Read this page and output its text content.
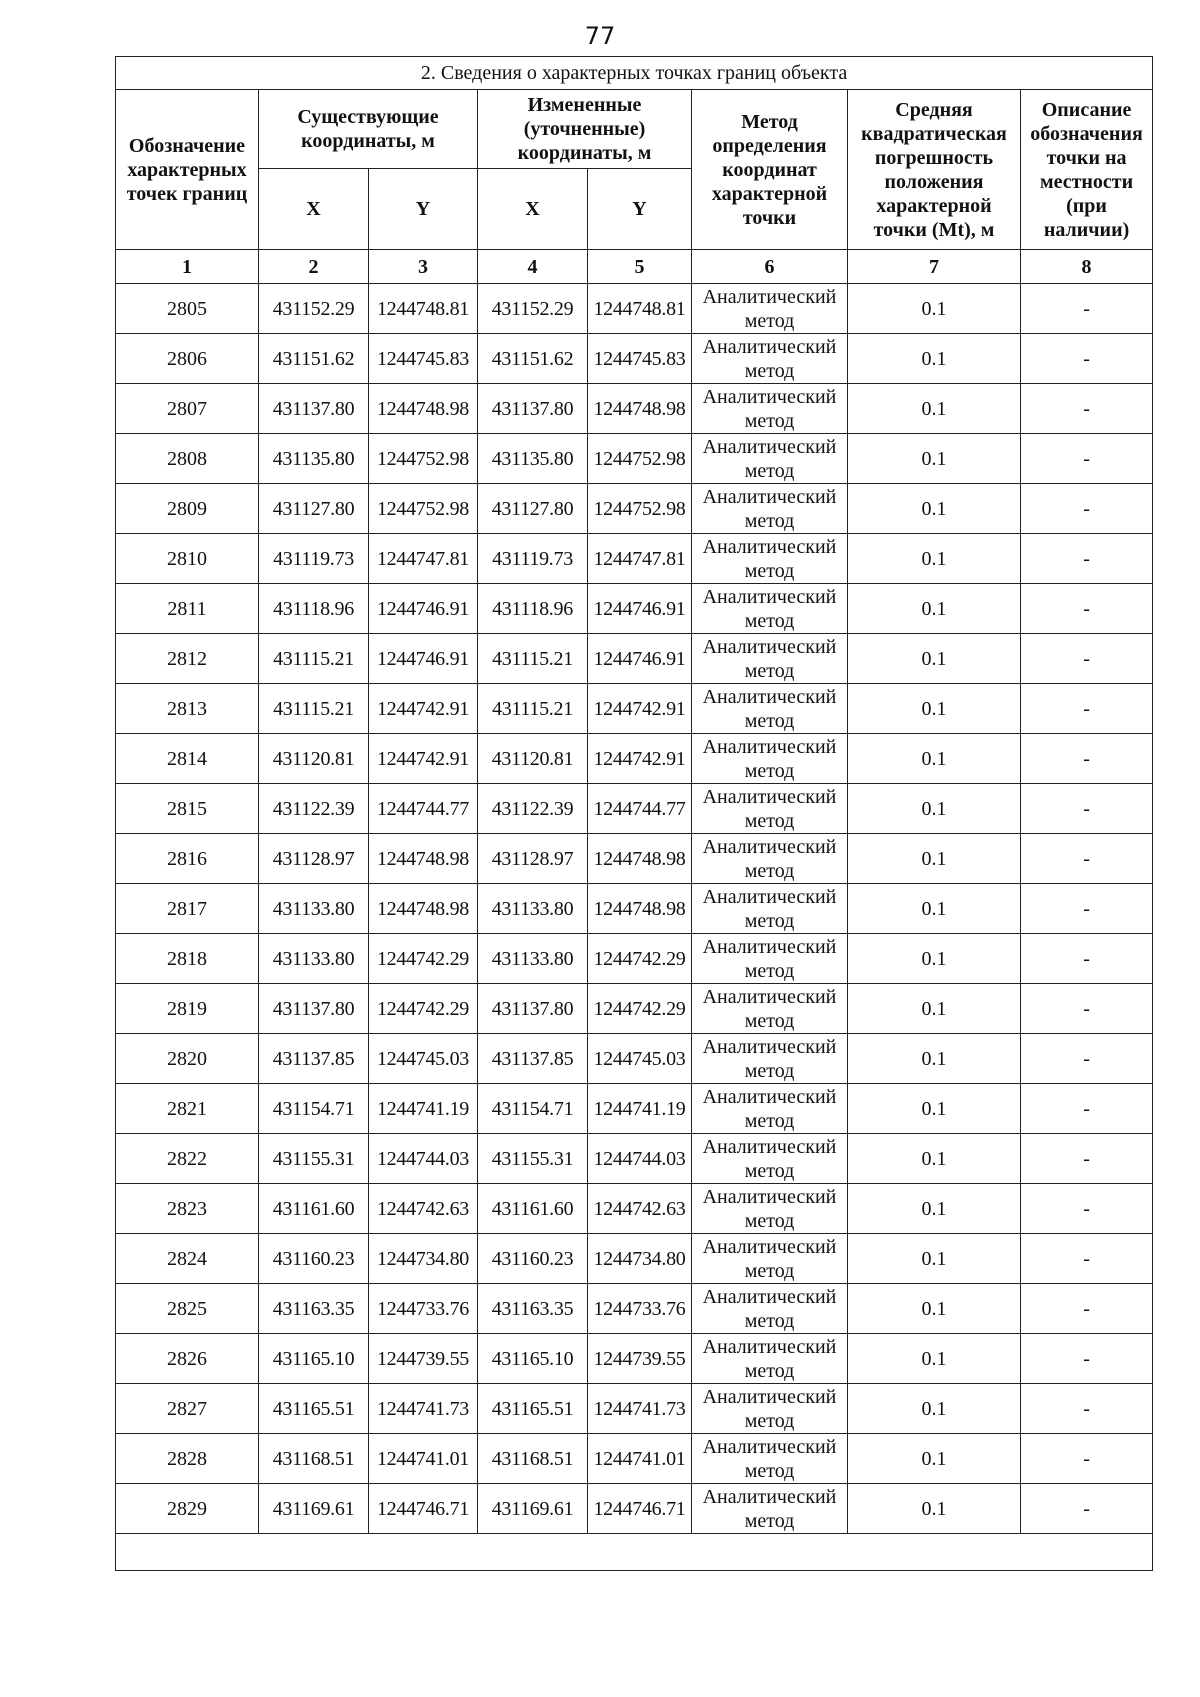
77
2. Сведения о характерных точках границ объекта							
Обозначение характерных точек границ	Существующие координаты, м		Измененные (уточненные) координаты, м		Метод определения координат характерной точки	Средняя квадратическая погрешность положения характерной точки (Mt), м	Описание обозначения точки на местности (при наличии)
	X	Y	X	Y			
1	2	3	4	5	6	7	8
2805	431152.29	1244748.81	431152.29	1244748.81	Аналитический метод	0.1	-
2806	431151.62	1244745.83	431151.62	1244745.83	Аналитический метод	0.1	-
2807	431137.80	1244748.98	431137.80	1244748.98	Аналитический метод	0.1	-
2808	431135.80	1244752.98	431135.80	1244752.98	Аналитический метод	0.1	-
2809	431127.80	1244752.98	431127.80	1244752.98	Аналитический метод	0.1	-
2810	431119.73	1244747.81	431119.73	1244747.81	Аналитический метод	0.1	-
2811	431118.96	1244746.91	431118.96	1244746.91	Аналитический метод	0.1	-
2812	431115.21	1244746.91	431115.21	1244746.91	Аналитический метод	0.1	-
2813	431115.21	1244742.91	431115.21	1244742.91	Аналитический метод	0.1	-
2814	431120.81	1244742.91	431120.81	1244742.91	Аналитический метод	0.1	-
2815	431122.39	1244744.77	431122.39	1244744.77	Аналитический метод	0.1	-
2816	431128.97	1244748.98	431128.97	1244748.98	Аналитический метод	0.1	-
2817	431133.80	1244748.98	431133.80	1244748.98	Аналитический метод	0.1	-
2818	431133.80	1244742.29	431133.80	1244742.29	Аналитический метод	0.1	-
2819	431137.80	1244742.29	431137.80	1244742.29	Аналитический метод	0.1	-
2820	431137.85	1244745.03	431137.85	1244745.03	Аналитический метод	0.1	-
2821	431154.71	1244741.19	431154.71	1244741.19	Аналитический метод	0.1	-
2822	431155.31	1244744.03	431155.31	1244744.03	Аналитический метод	0.1	-
2823	431161.60	1244742.63	431161.60	1244742.63	Аналитический метод	0.1	-
2824	431160.23	1244734.80	431160.23	1244734.80	Аналитический метод	0.1	-
2825	431163.35	1244733.76	431163.35	1244733.76	Аналитический метод	0.1	-
2826	431165.10	1244739.55	431165.10	1244739.55	Аналитический метод	0.1	-
2827	431165.51	1244741.73	431165.51	1244741.73	Аналитический метод	0.1	-
2828	431168.51	1244741.01	431168.51	1244741.01	Аналитический метод	0.1	-
2829	431169.61	1244746.71	431169.61	1244746.71	Аналитический метод	0.1	-
